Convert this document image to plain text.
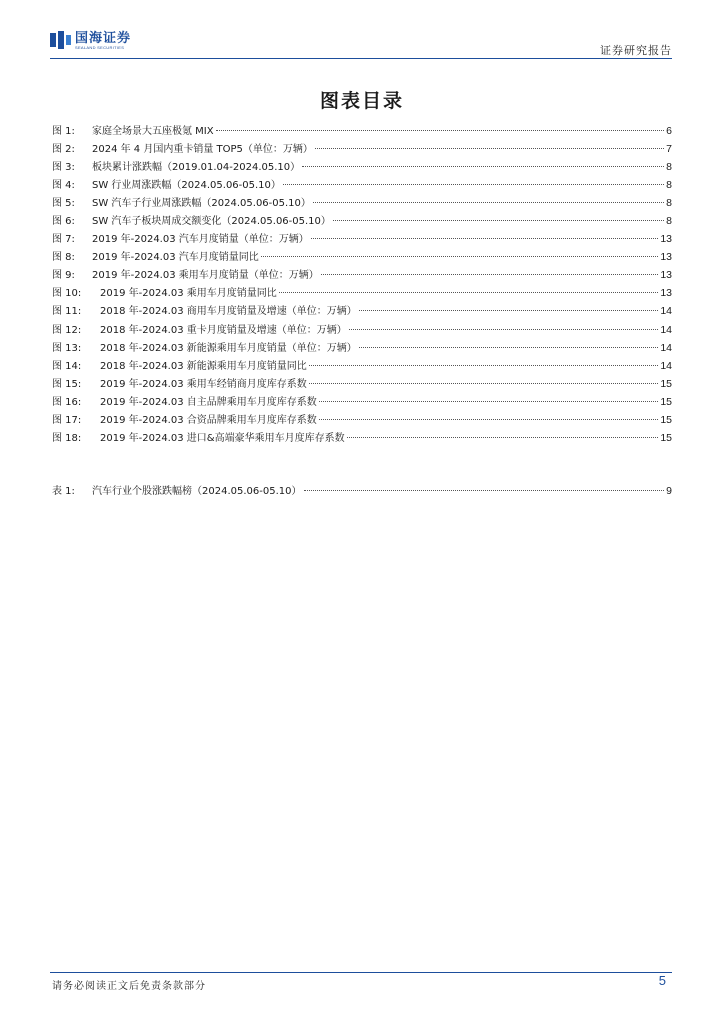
国海证券
SEALAND SECURITIES	证券研究报告
图表目录
图 1:	家庭全场景大五座极氪 MIX	6
图 2:	2024 年 4 月国内重卡销量 TOP5（单位：万辆）	7
图 3:	板块累计涨跌幅（2019.01.04-2024.05.10）	8
图 4:	SW 行业周涨跌幅（2024.05.06-05.10）	8
图 5:	SW 汽车子行业周涨跌幅（2024.05.06-05.10）	8
图 6:	SW 汽车子板块周成交额变化（2024.05.06-05.10）	8
图 7:	2019 年-2024.03 汽车月度销量（单位：万辆）	13
图 8:	2019 年-2024.03 汽车月度销量同比	13
图 9:	2019 年-2024.03 乘用车月度销量（单位：万辆）	13
图 10:	2019 年-2024.03 乘用车月度销量同比	13
图 11:	2018 年-2024.03 商用车月度销量及增速（单位：万辆）	14
图 12:	2018 年-2024.03 重卡月度销量及增速（单位：万辆）	14
图 13:	2018 年-2024.03 新能源乘用车月度销量（单位：万辆）	14
图 14:	2018 年-2024.03 新能源乘用车月度销量同比	14
图 15:	2019 年-2024.03 乘用车经销商月度库存系数	15
图 16:	2019 年-2024.03 自主品牌乘用车月度库存系数	15
图 17:	2019 年-2024.03 合资品牌乘用车月度库存系数	15
图 18:	2019 年-2024.03 进口&高端豪华乘用车月度库存系数	15
表 1:	汽车行业个股涨跌幅榜（2024.05.06-05.10）	9
请务必阅读正文后免责条款部分	5
